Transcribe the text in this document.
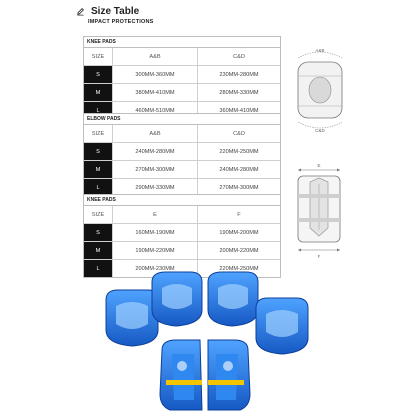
Size Table
IMPACT PROTECTIONS
KNEE PADS
SIZE	A&B	C&D
S	300MM-360MM	230MM-280MM
M	380MM-410MM	280MM-330MM
L	460MM-510MM	360MM-410MM
ELBOW PADS
SIZE	A&B	C&D
S	240MM-280MM	220MM-250MM
M	270MM-300MM	240MM-280MM
L	290MM-330MM	270MM-300MM
KNEE PADS
SIZE	E	F
S	160MM-190MM	190MM-200MM
M	190MM-220MM	200MM-220MM
L	200MM-230MM	220MM-250MM
A&B
C&D
E
F
